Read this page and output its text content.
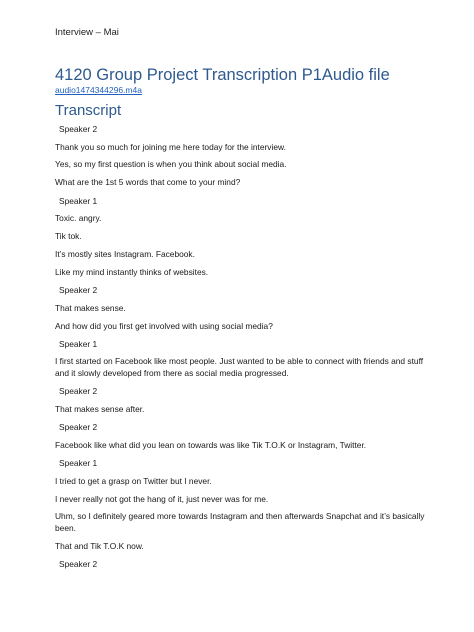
Interview – Mai
4120 Group Project Transcription P1Audio file
audio1474344296.m4a
Transcript
Speaker 2
Thank you so much for joining me here today for the interview.
Yes, so my first question is when you think about social media.
What are the 1st 5 words that come to your mind?
Speaker 1
Toxic. angry.
Tik tok.
It’s mostly sites Instagram. Facebook.
Like my mind instantly thinks of websites.
Speaker 2
That makes sense.
And how did you first get involved with using social media?
Speaker 1
I first started on Facebook like most people. Just wanted to be able to connect with friends and stuff and it slowly developed from there as social media progressed.
Speaker 2
That makes sense after.
Speaker 2
Facebook like what did you lean on towards was like Tik T.O.K or Instagram, Twitter.
Speaker 1
I tried to get a grasp on Twitter but I never.
I never really not got the hang of it, just never was for me.
Uhm, so I definitely geared more towards Instagram and then afterwards Snapchat and it’s basically been.
That and Tik T.O.K now.
Speaker 2
